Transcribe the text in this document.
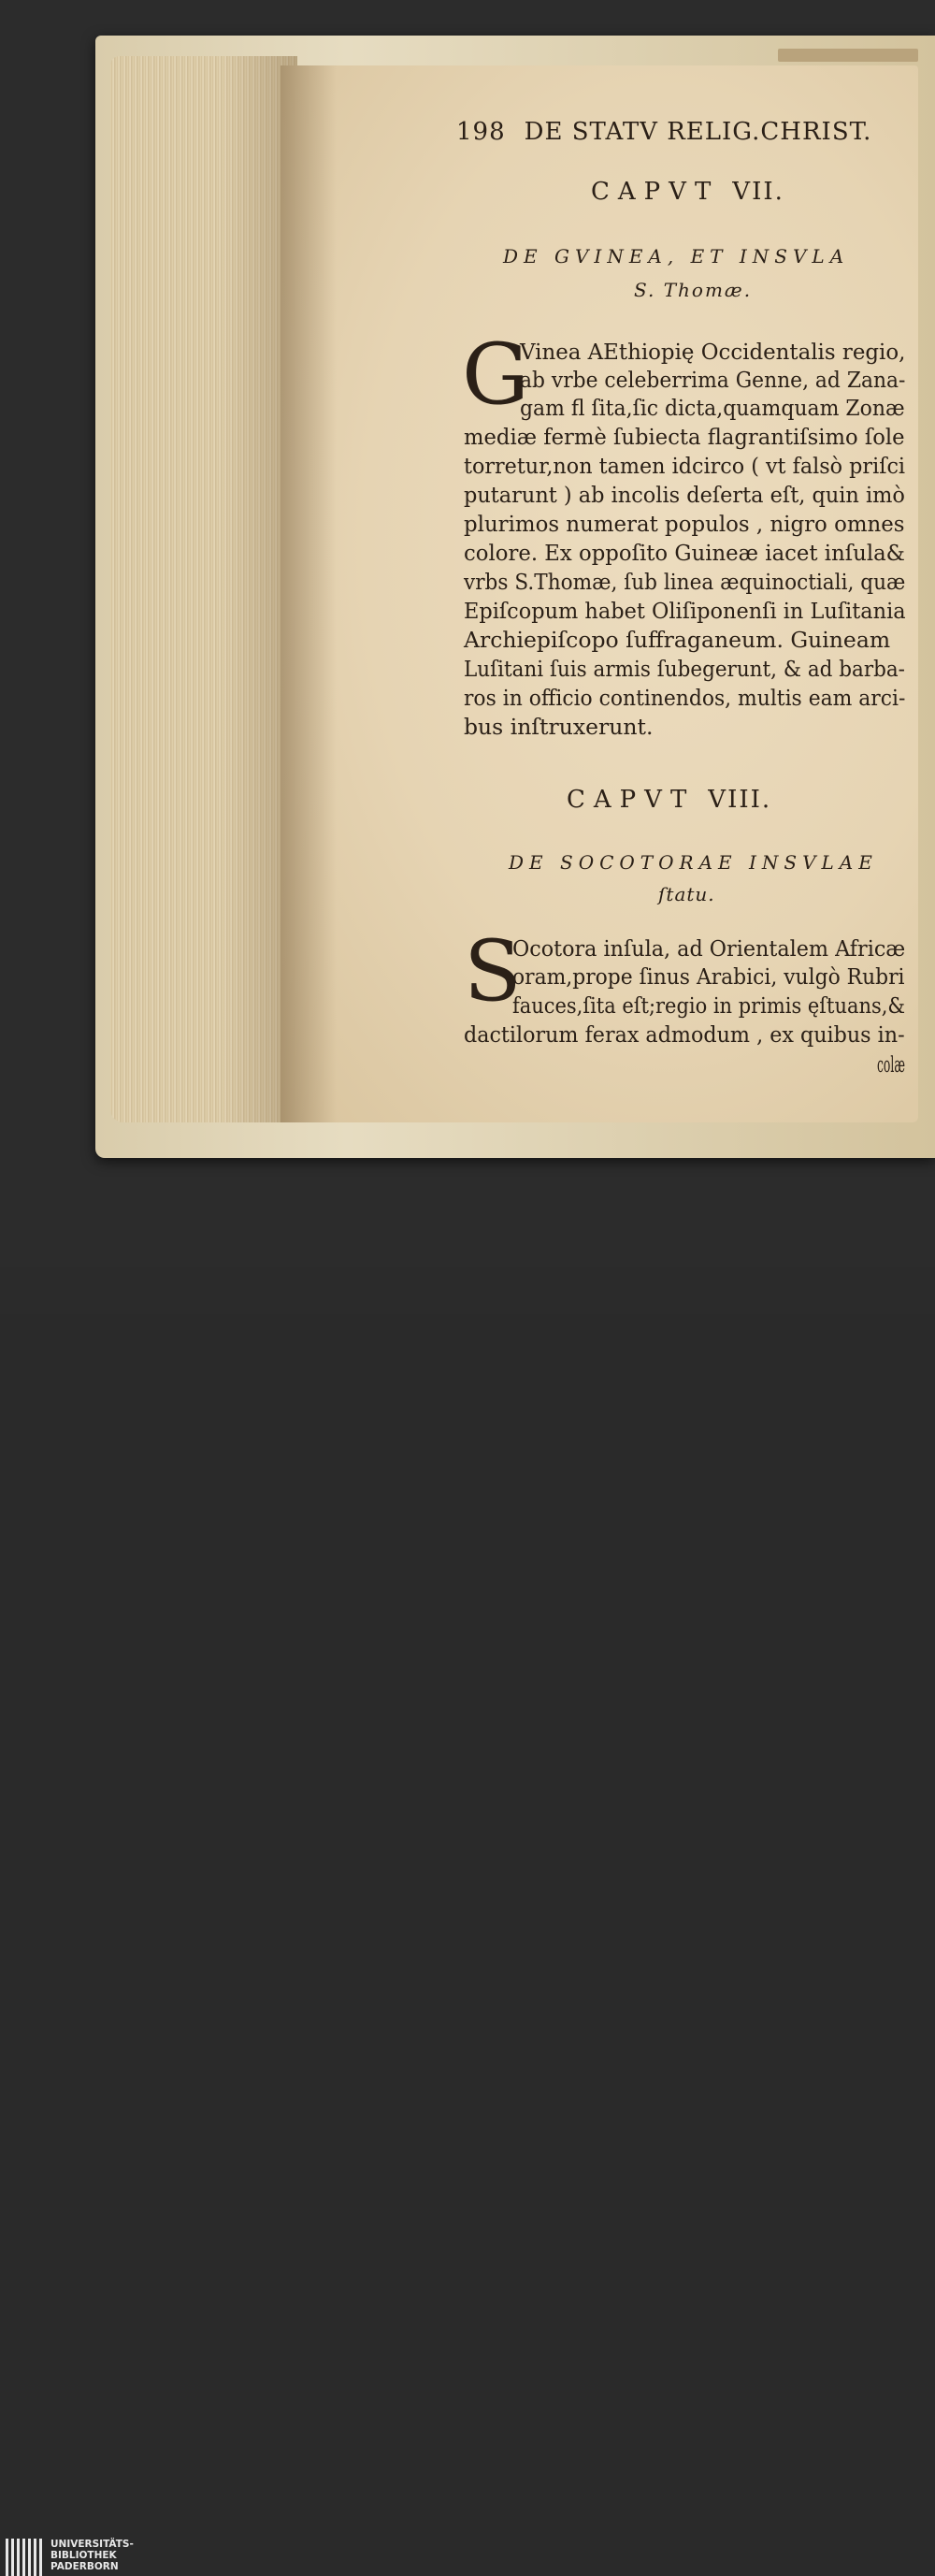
198 DE STATV RELIG.CHRIST.
CAPVT VII.
DE GVINEA, ET INSVLA
S. Thomæ.
G
Vinea AEthiopię Occidentalis regio,
ab vrbe celeberrima Genne, ad Zana-
gam fl ſita,ſic dicta,quamquam Zonæ
mediæ fermè ſubiecta flagrantiſsimo ſole
torretur,non tamen idcirco ( vt falsò priſci
putarunt ) ab incolis deſerta eſt, quin imò
plurimos numerat populos , nigro omnes
colore. Ex oppoſito Guineæ iacet inſula&
vrbs S.Thomæ, ſub linea æquinoctiali, quæ
Epiſcopum habet Oliſiponenſi in Luſitania
Archiepiſcopo ſuffraganeum. Guineam
Luſitani ſuis armis ſubegerunt, & ad barba-
ros in officio continendos, multis eam arci-
bus inſtruxerunt.
CAPVT VIII.
DE SOCOTORAE INSVLAE
ſtatu.
S
Ocotora inſula, ad Orientalem Africæ
oram,prope ſinus Arabici, vulgò Rubri
fauces,ſita eſt;regio in primis ęſtuans,&
dactilorum ferax admodum , ex quibus in-
colæ
UNIVERSITÄTS-
BIBLIOTHEK
PADERBORN
